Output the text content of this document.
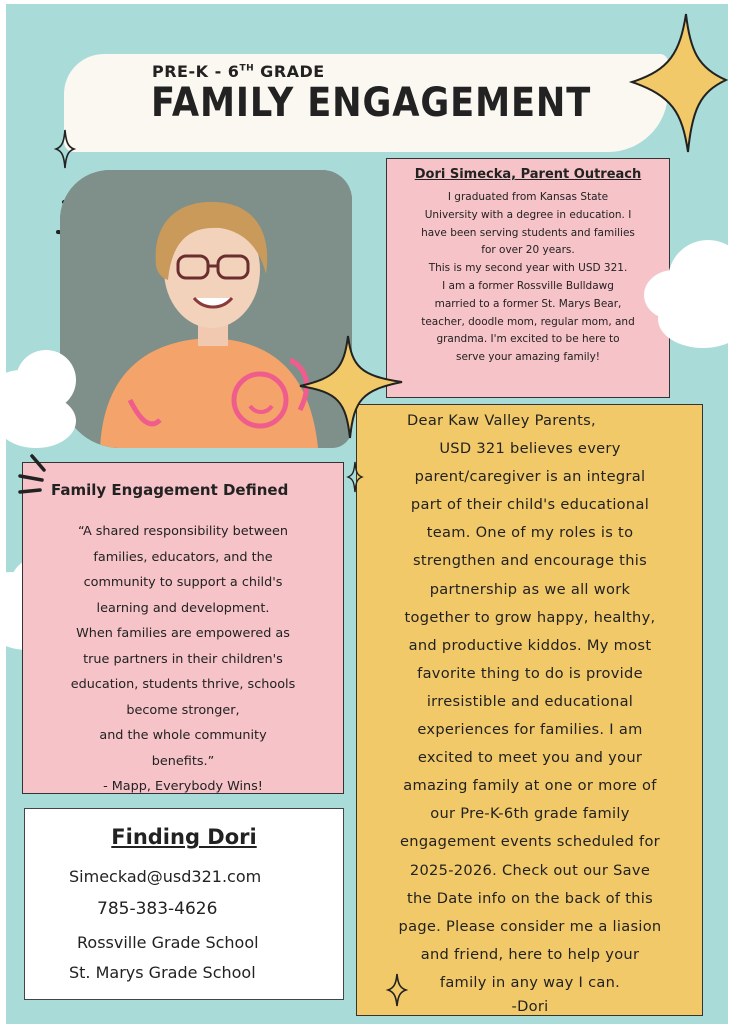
PRE-K - 6TH GRADE
FAMILY ENGAGEMENT
Dori Simecka, Parent Outreach
I graduated from Kansas State
University with a degree in education. I
have been serving students and families
for over 20 years.
This is my second year with USD 321.
I am a former Rossville Bulldawg
married to a former St. Marys Bear,
teacher, doodle mom, regular mom, and
grandma. I'm excited to be here to
serve your amazing family!
Family Engagement Defined
“A shared responsibility between
families, educators, and the
community to support a child's
learning and development.
When families are empowered as
true partners in their children's
education, students thrive, schools
become stronger,
and the whole community
benefits.”
- Mapp, Everybody Wins!
Finding Dori
Simeckad@usd321.com
785-383-4626
Rossville Grade School
St. Marys Grade School
Dear Kaw Valley Parents,
USD 321 believes every
parent/caregiver is an integral
part of their child's educational
team. One of my roles is to
strengthen and encourage this
partnership as we all work
together to grow happy, healthy,
and productive kiddos. My most
favorite thing to do is provide
irresistible and educational
experiences for families. I am
excited to meet you and your
amazing family at one or more of
our Pre-K-6th grade family
engagement events scheduled for
2025-2026. Check out our Save
the Date info on the back of this
page. Please consider me a liasion
and friend, here to help your
family in any way I can.
-Dori
